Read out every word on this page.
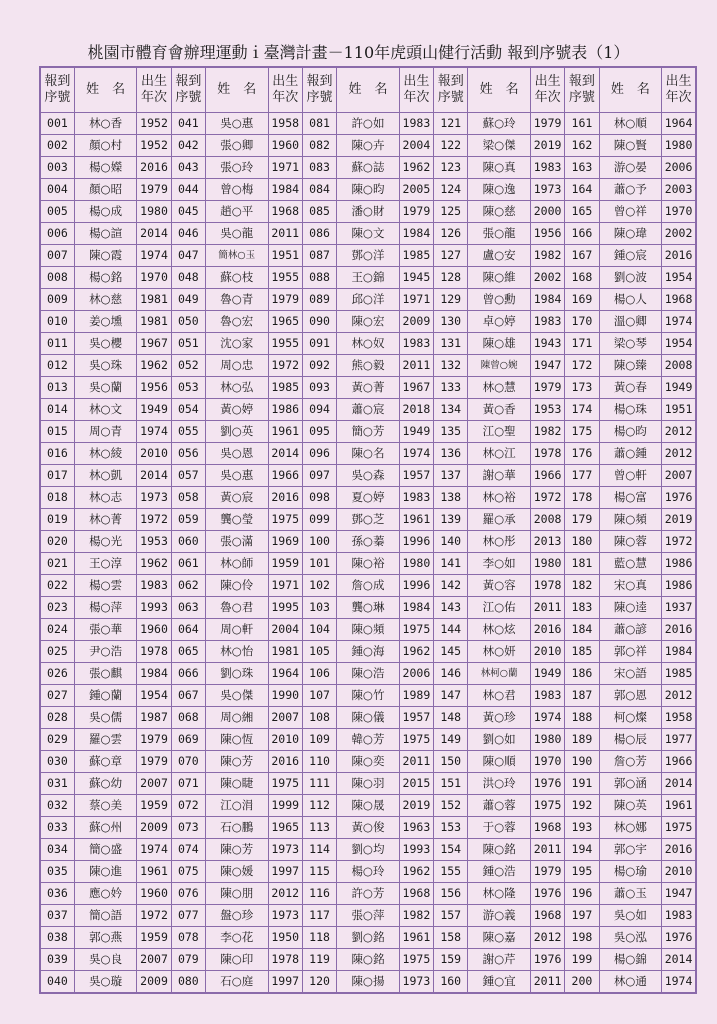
桃園市體育會辦理運動ｉ臺灣計畫－110年虎頭山健行活動 報到序號表（1）
報到序號	姓　名	出生年次	報到序號	姓　名	出生年次	報到序號	姓　名	出生年次	報到序號	姓　名	出生年次	報到序號	姓　名	出生年次
001	林○香	1952	041	吳○惠	1958	081	許○如	1983	121	蘇○玲	1979	161	林○順	1964
002	顏○村	1952	042	張○卿	1960	082	陳○卉	2004	122	梁○傑	2019	162	陳○賢	1980
003	楊○嬫	2016	043	張○玲	1971	083	蘇○誌	1962	123	陳○真	1983	163	游○晏	2006
004	顏○昭	1979	044	曾○梅	1984	084	陳○昀	2005	124	陳○逸	1973	164	蕭○予	2003
005	楊○成	1980	045	趙○平	1968	085	潘○財	1979	125	陳○慈	2000	165	曾○祥	1970
006	楊○諠	2014	046	吳○龍	2011	086	陳○文	1984	126	張○龍	1956	166	陳○瑋	2002
007	陳○霞	1974	047	簡林○玉	1951	087	鄧○洋	1985	127	盧○安	1982	167	鍾○宸	2016
008	楊○銘	1970	048	蘇○枝	1955	088	王○錦	1945	128	陳○維	2002	168	劉○波	1954
009	林○慈	1981	049	魯○青	1979	089	邱○洋	1971	129	曾○勳	1984	169	楊○人	1968
010	姜○壎	1981	050	魯○宏	1965	090	陳○宏	2009	130	卓○婷	1983	170	溫○卿	1974
011	吳○櫻	1967	051	沈○家	1955	091	林○奴	1983	131	陳○雄	1943	171	梁○琴	1954
012	吳○珠	1962	052	周○忠	1972	092	熊○毅	2011	132	陳曾○婉	1947	172	陳○臻	2008
013	吳○蘭	1956	053	林○弘	1985	093	黃○菁	1967	133	林○慧	1979	173	黃○春	1949
014	林○文	1949	054	黃○婷	1986	094	蕭○宸	2018	134	黃○香	1953	174	楊○珠	1951
015	周○青	1974	055	劉○英	1961	095	簡○芳	1949	135	江○聖	1982	175	楊○昀	2012
016	林○綾	2010	056	吳○恩	2014	096	陳○名	1974	136	林○江	1978	176	蕭○鍾	2012
017	林○凱	2014	057	吳○惠	1966	097	吳○森	1957	137	謝○華	1966	177	曾○軒	2007
018	林○志	1973	058	黃○宸	2016	098	夏○婷	1983	138	林○裕	1972	178	楊○富	1976
019	林○菁	1972	059	龔○瑩	1975	099	鄧○芝	1961	139	羅○承	2008	179	陳○頻	2019
020	楊○光	1953	060	張○滿	1969	100	孫○蓁	1996	140	林○彤	2013	180	陳○蓉	1972
021	王○淳	1962	061	林○師	1959	101	陳○裕	1980	141	李○如	1980	181	藍○慧	1986
022	楊○雲	1983	062	陳○伶	1971	102	詹○成	1996	142	黃○容	1978	182	宋○真	1986
023	楊○萍	1993	063	魯○君	1995	103	龔○琳	1984	143	江○佑	2011	183	陳○逵	1937
024	張○華	1960	064	周○軒	2004	104	陳○頻	1975	144	林○炫	2016	184	蕭○諺	2016
025	尹○浩	1978	065	林○怡	1981	105	鍾○海	1962	145	林○妍	2010	185	郭○祥	1984
026	張○麒	1984	066	劉○珠	1964	106	陳○浩	2006	146	林柯○蘭	1949	186	宋○語	1985
027	鍾○蘭	1954	067	吳○傑	1990	107	陳○竹	1989	147	林○君	1983	187	郭○恩	2012
028	吳○儒	1987	068	周○緗	2007	108	陳○儀	1957	148	黃○珍	1974	188	柯○燦	1958
029	羅○雲	1979	069	陳○恆	2010	109	韓○芳	1975	149	劉○如	1980	189	楊○辰	1977
030	蘇○章	1979	070	陳○芳	2016	110	陳○奕	2011	150	陳○順	1970	190	詹○芳	1966
031	蘇○幼	2007	071	陳○睫	1975	111	陳○羽	2015	151	洪○玲	1976	191	郭○涵	2014
032	蔡○美	1959	072	江○涓	1999	112	陳○晟	2019	152	蕭○蓉	1975	192	陳○英	1961
033	蘇○州	2009	073	石○鵬	1965	113	黃○俊	1963	153	于○蓉	1968	193	林○娜	1975
034	簡○盛	1974	074	陳○芳	1973	114	劉○均	1993	154	陳○銘	2011	194	郭○宇	2016
035	陳○進	1961	075	陳○媛	1997	115	楊○玲	1962	155	鍾○浩	1979	195	楊○瑜	2010
036	應○妗	1960	076	陳○朋	2012	116	許○芳	1968	156	林○隆	1976	196	蕭○玉	1947
037	簡○語	1972	077	盤○珍	1973	117	張○萍	1982	157	游○義	1968	197	吳○如	1983
038	郭○燕	1959	078	李○花	1950	118	劉○銘	1961	158	陳○嘉	2012	198	吳○泓	1976
039	吳○良	2007	079	陳○印	1978	119	陳○銘	1975	159	謝○芹	1976	199	楊○錦	2014
040	吳○璇	2009	080	石○庭	1997	120	陳○揚	1973	160	鍾○宜	2011	200	林○通	1974
